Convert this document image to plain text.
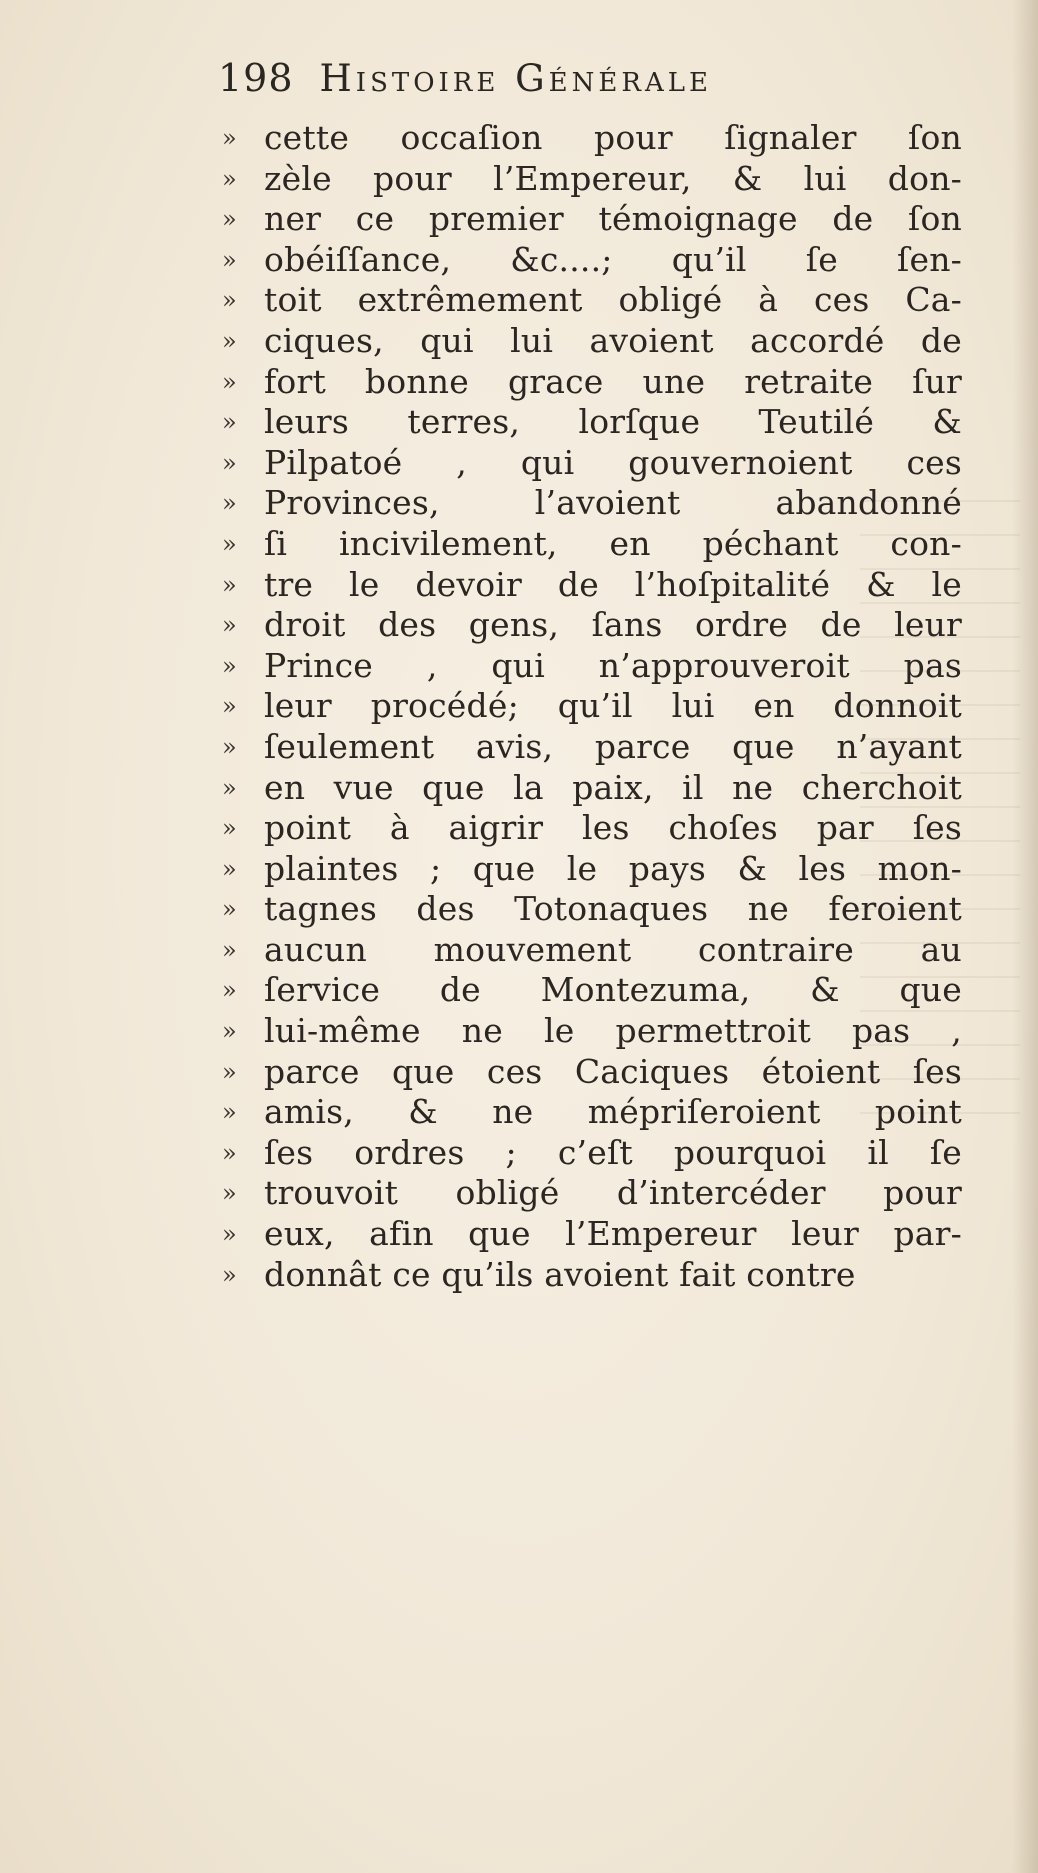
198 Histoire Générale
» cette occaſion pour ſignaler ſon
» zèle pour l’Empereur, & lui don-
» ner ce premier témoignage de ſon
» obéiſſance, &c....; qu’il ſe ſen-
» toit extrêmement obligé à ces Ca-
» ciques, qui lui avoient accordé de
» fort bonne grace une retraite ſur
» leurs terres, lorſque Teutilé &
» Pilpatoé , qui gouvernoient ces
» Provinces, l’avoient abandonné
» ſi incivilement, en péchant con-
» tre le devoir de l’hoſpitalité & le
» droit des gens, ſans ordre de leur
» Prince , qui n’approuveroit pas
» leur procédé; qu’il lui en donnoit
» ſeulement avis, parce que n’ayant
» en vue que la paix, il ne cherchoit
» point à aigrir les choſes par ſes
» plaintes ; que le pays & les mon-
» tagnes des Totonaques ne feroient
» aucun mouvement contraire au
» ſervice de Montezuma, & que
» lui-même ne le permettroit pas ,
» parce que ces Caciques étoient ſes
» amis, & ne mépriſeroient point
» ſes ordres ; c’eſt pourquoi il ſe
» trouvoit obligé d’intercéder pour
» eux, afin que l’Empereur leur par-
» donnât ce qu’ils avoient fait contre
